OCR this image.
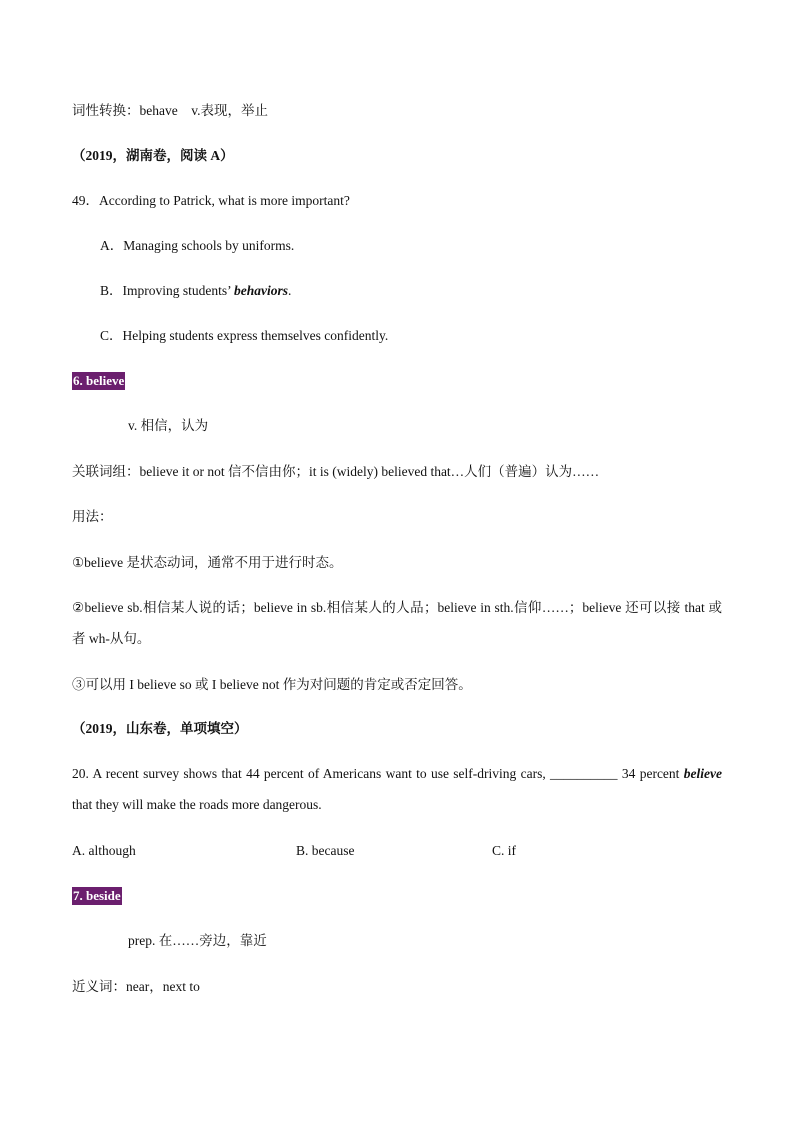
词性转换：behave　v.表现，举止
（2019，湖南卷，阅读 A）
49．According to Patrick, what is more important?
A．Managing schools by uniforms.
B．Improving students’ behaviors.
C．Helping students express themselves confidently.
6. believe
v. 相信，认为
关联词组：believe it or not 信不信由你；it is (widely) believed that…人们（普遍）认为……
用法：
①believe 是状态动词，通常不用于进行时态。
②believe sb.相信某人说的话；believe in sb.相信某人的人品；believe in sth.信仰……；believe 还可以接 that 或者 wh-从句。
③可以用 I believe so 或 I believe not 作为对问题的肯定或否定回答。
（2019，山东卷，单项填空）
20. A recent survey shows that 44 percent of Americans want to use self-driving cars, __________ 34 percent believe that they will make the roads more dangerous.
A. although	B. because	C. if
7. beside
prep. 在……旁边，靠近
近义词：near，next to
